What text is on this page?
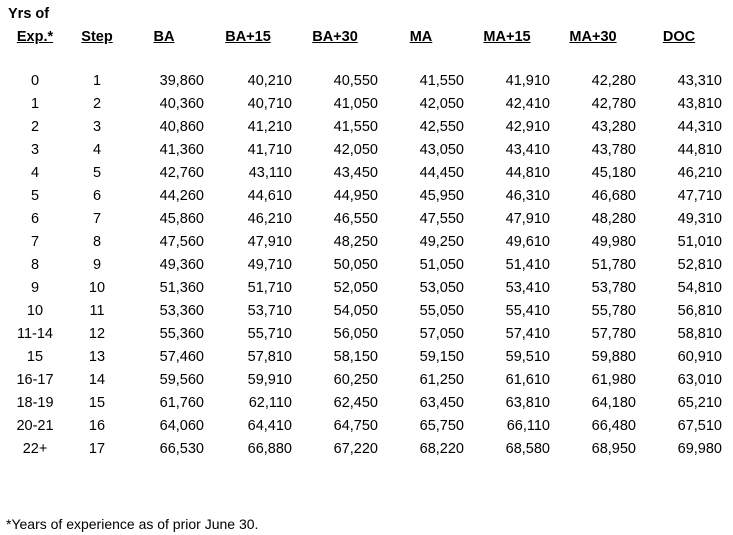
Yrs of
Exp.*	Step	BA	BA+15	BA+30	MA	MA+15	MA+30	DOC

0	1	39,860	40,210	40,550	41,550	41,910	42,280	43,310
1	2	40,360	40,710	41,050	42,050	42,410	42,780	43,810
2	3	40,860	41,210	41,550	42,550	42,910	43,280	44,310
3	4	41,360	41,710	42,050	43,050	43,410	43,780	44,810
4	5	42,760	43,110	43,450	44,450	44,810	45,180	46,210
5	6	44,260	44,610	44,950	45,950	46,310	46,680	47,710
6	7	45,860	46,210	46,550	47,550	47,910	48,280	49,310
7	8	47,560	47,910	48,250	49,250	49,610	49,980	51,010
8	9	49,360	49,710	50,050	51,050	51,410	51,780	52,810
9	10	51,360	51,710	52,050	53,050	53,410	53,780	54,810
10	11	53,360	53,710	54,050	55,050	55,410	55,780	56,810
11-14	12	55,360	55,710	56,050	57,050	57,410	57,780	58,810
15	13	57,460	57,810	58,150	59,150	59,510	59,880	60,910
16-17	14	59,560	59,910	60,250	61,250	61,610	61,980	63,010
18-19	15	61,760	62,110	62,450	63,450	63,810	64,180	65,210
20-21	16	64,060	64,410	64,750	65,750	66,110	66,480	67,510
22+	17	66,530	66,880	67,220	68,220	68,580	68,950	69,980
*Years of experience as of prior June 30.
